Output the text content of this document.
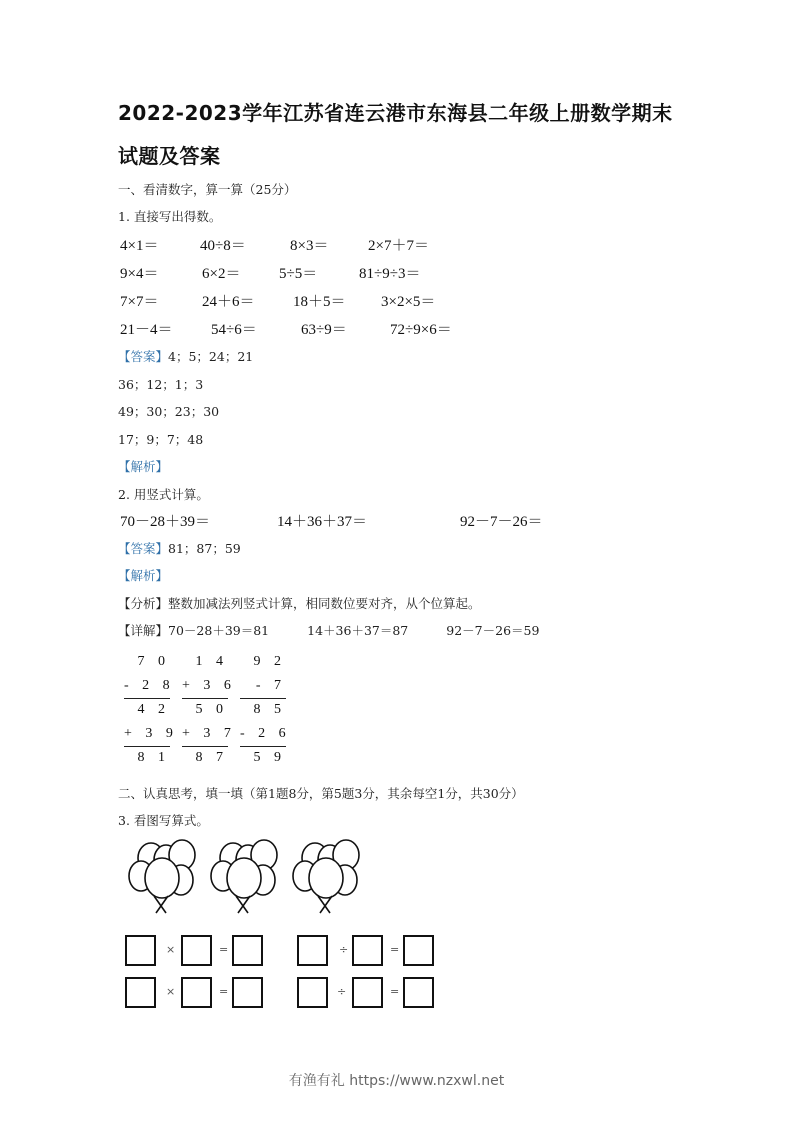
2022-2023学年江苏省连云港市东海县二年级上册数学期末
试题及答案
一、看清数字，算一算（25分）
1. 直接写出得数。
4×1＝	40÷8＝	8×3＝	2×7＋7＝
9×4＝	6×2＝	5÷5＝	81÷9÷3＝
7×7＝	24＋6＝	18＋5＝ 3×2×5＝
21－4＝	54÷6＝	63÷9＝	72÷9×6＝
【答案】4；5；24；21
36；12；1；3
49；30；23；30
17；9；7；48
【解析】
2. 用竖式计算。
70－28＋39＝	14＋36＋37＝	92－7－26＝
【答案】81；87；59
【解析】
【分析】整数加减法列竖式计算，相同数位要对齐，从个位算起。
【详解】70－28＋39＝81	14＋36＋37＝87	92－7－26＝59
7 0
- 2 8
4 2
+ 3 9
8 1
1 4
+ 3 6
5 0
+ 3 7
8 7
9 2
- 7
8 5
- 2 6
5 9
二、认真思考，填一填（第1题8分，第5题3分，其余每空1分，共30分）
3. 看图写算式。
×	=	÷	=
×	=	÷	=
有渔有礼 https://www.nzxwl.net
